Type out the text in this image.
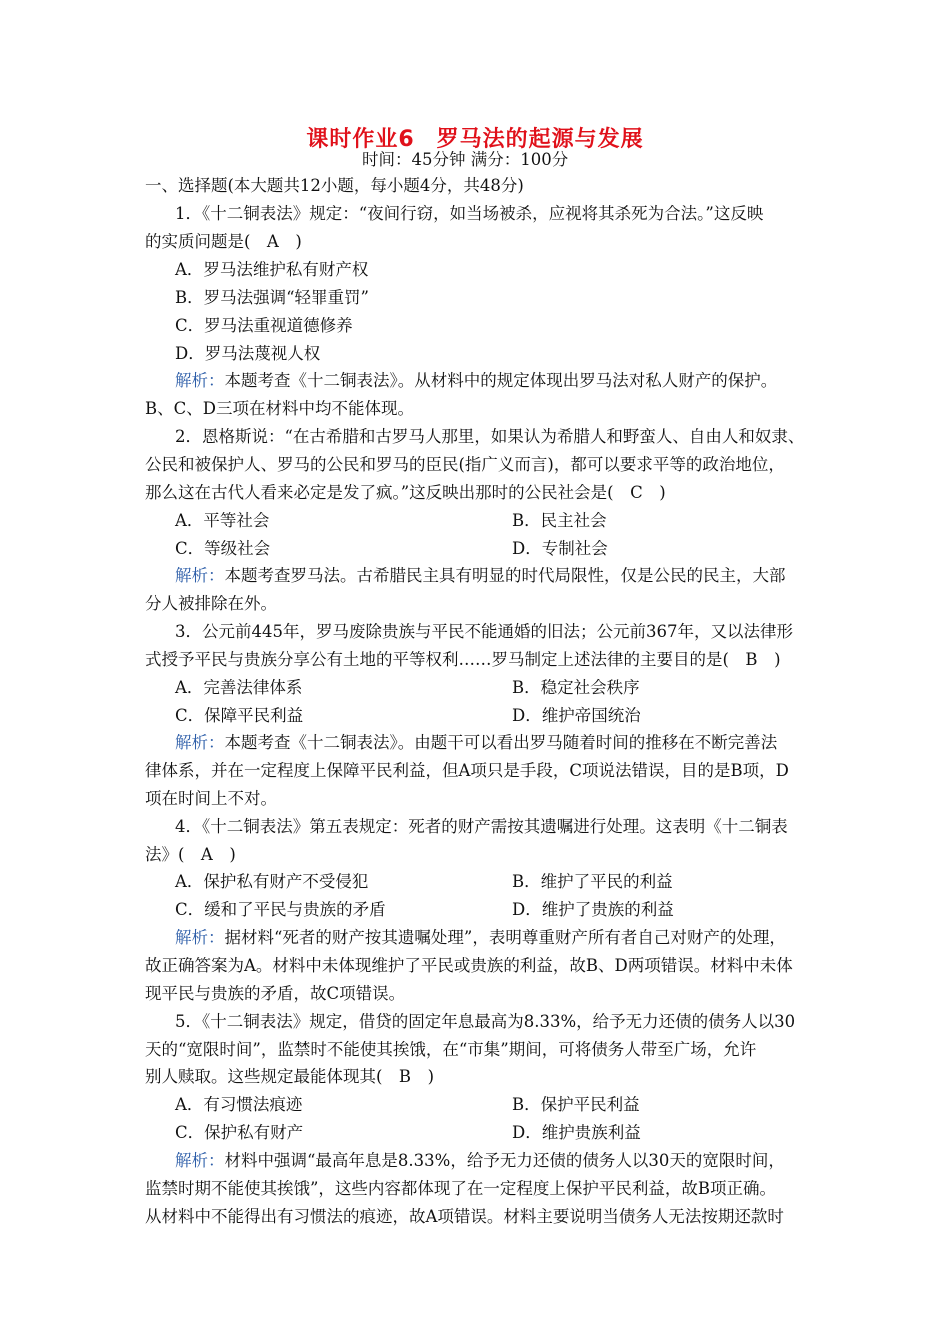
课时作业6 罗马法的起源与发展
时间：45分钟 满分：100分
一、选择题(本大题共12小题，每小题4分，共48分)
1．《十二铜表法》规定：“夜间行窃，如当场被杀，应视将其杀死为合法。”这反映
的实质问题是(　A　)
A．罗马法维护私有财产权
B．罗马法强调“轻罪重罚”
C．罗马法重视道德修养
D．罗马法蔑视人权
解析：本题考查《十二铜表法》。从材料中的规定体现出罗马法对私人财产的保护。
B、C、D三项在材料中均不能体现。
2．恩格斯说：“在古希腊和古罗马人那里，如果认为希腊人和野蛮人、自由人和奴隶、
公民和被保护人、罗马的公民和罗马的臣民(指广义而言)，都可以要求平等的政治地位，
那么这在古代人看来必定是发了疯。”这反映出那时的公民社会是(　C　)
A．平等社会	B．民主社会
C．等级社会	D．专制社会
解析：本题考查罗马法。古希腊民主具有明显的时代局限性，仅是公民的民主，大部
分人被排除在外。
3．公元前445年，罗马废除贵族与平民不能通婚的旧法；公元前367年，又以法律形
式授予平民与贵族分享公有土地的平等权利……罗马制定上述法律的主要目的是(　B　)
A．完善法律体系	B．稳定社会秩序
C．保障平民利益	D．维护帝国统治
解析：本题考查《十二铜表法》。由题干可以看出罗马随着时间的推移在不断完善法
律体系，并在一定程度上保障平民利益，但A项只是手段，C项说法错误，目的是B项，D
项在时间上不对。
4．《十二铜表法》第五表规定：死者的财产需按其遗嘱进行处理。这表明《十二铜表
法》(　A　)
A．保护私有财产不受侵犯	B．维护了平民的利益
C．缓和了平民与贵族的矛盾	D．维护了贵族的利益
解析：据材料“死者的财产按其遗嘱处理”，表明尊重财产所有者自己对财产的处理，
故正确答案为A。材料中未体现维护了平民或贵族的利益，故B、D两项错误。材料中未体
现平民与贵族的矛盾，故C项错误。
5．《十二铜表法》规定，借贷的固定年息最高为8.33%，给予无力还债的债务人以30
天的“宽限时间”，监禁时不能使其挨饿，在“市集”期间，可将债务人带至广场，允许
别人赎取。这些规定最能体现其(　B　)
A．有习惯法痕迹	B．保护平民利益
C．保护私有财产	D．维护贵族利益
解析：材料中强调“最高年息是8.33%，给予无力还债的债务人以30天的宽限时间，
监禁时期不能使其挨饿”，这些内容都体现了在一定程度上保护平民利益，故B项正确。
从材料中不能得出有习惯法的痕迹，故A项错误。材料主要说明当债务人无法按期还款时
